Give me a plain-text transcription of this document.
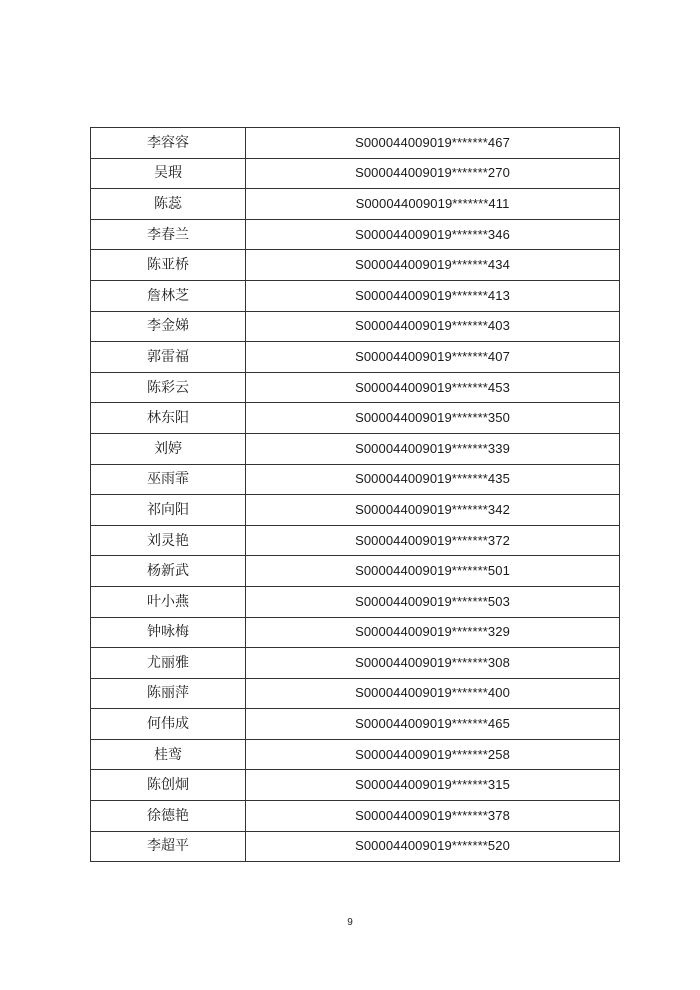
李容容	S000044009019*******467
吴瑕	S000044009019*******270
陈蕊	S000044009019*******411
李春兰	S000044009019*******346
陈亚桥	S000044009019*******434
詹林芝	S000044009019*******413
李金娣	S000044009019*******403
郭雷福	S000044009019*******407
陈彩云	S000044009019*******453
林东阳	S000044009019*******350
刘婷	S000044009019*******339
巫雨霏	S000044009019*******435
祁向阳	S000044009019*******342
刘灵艳	S000044009019*******372
杨新武	S000044009019*******501
叶小燕	S000044009019*******503
钟咏梅	S000044009019*******329
尤丽雅	S000044009019*******308
陈丽萍	S000044009019*******400
何伟成	S000044009019*******465
桂鸾	S000044009019*******258
陈创炯	S000044009019*******315
徐德艳	S000044009019*******378
李超平	S000044009019*******520
9
